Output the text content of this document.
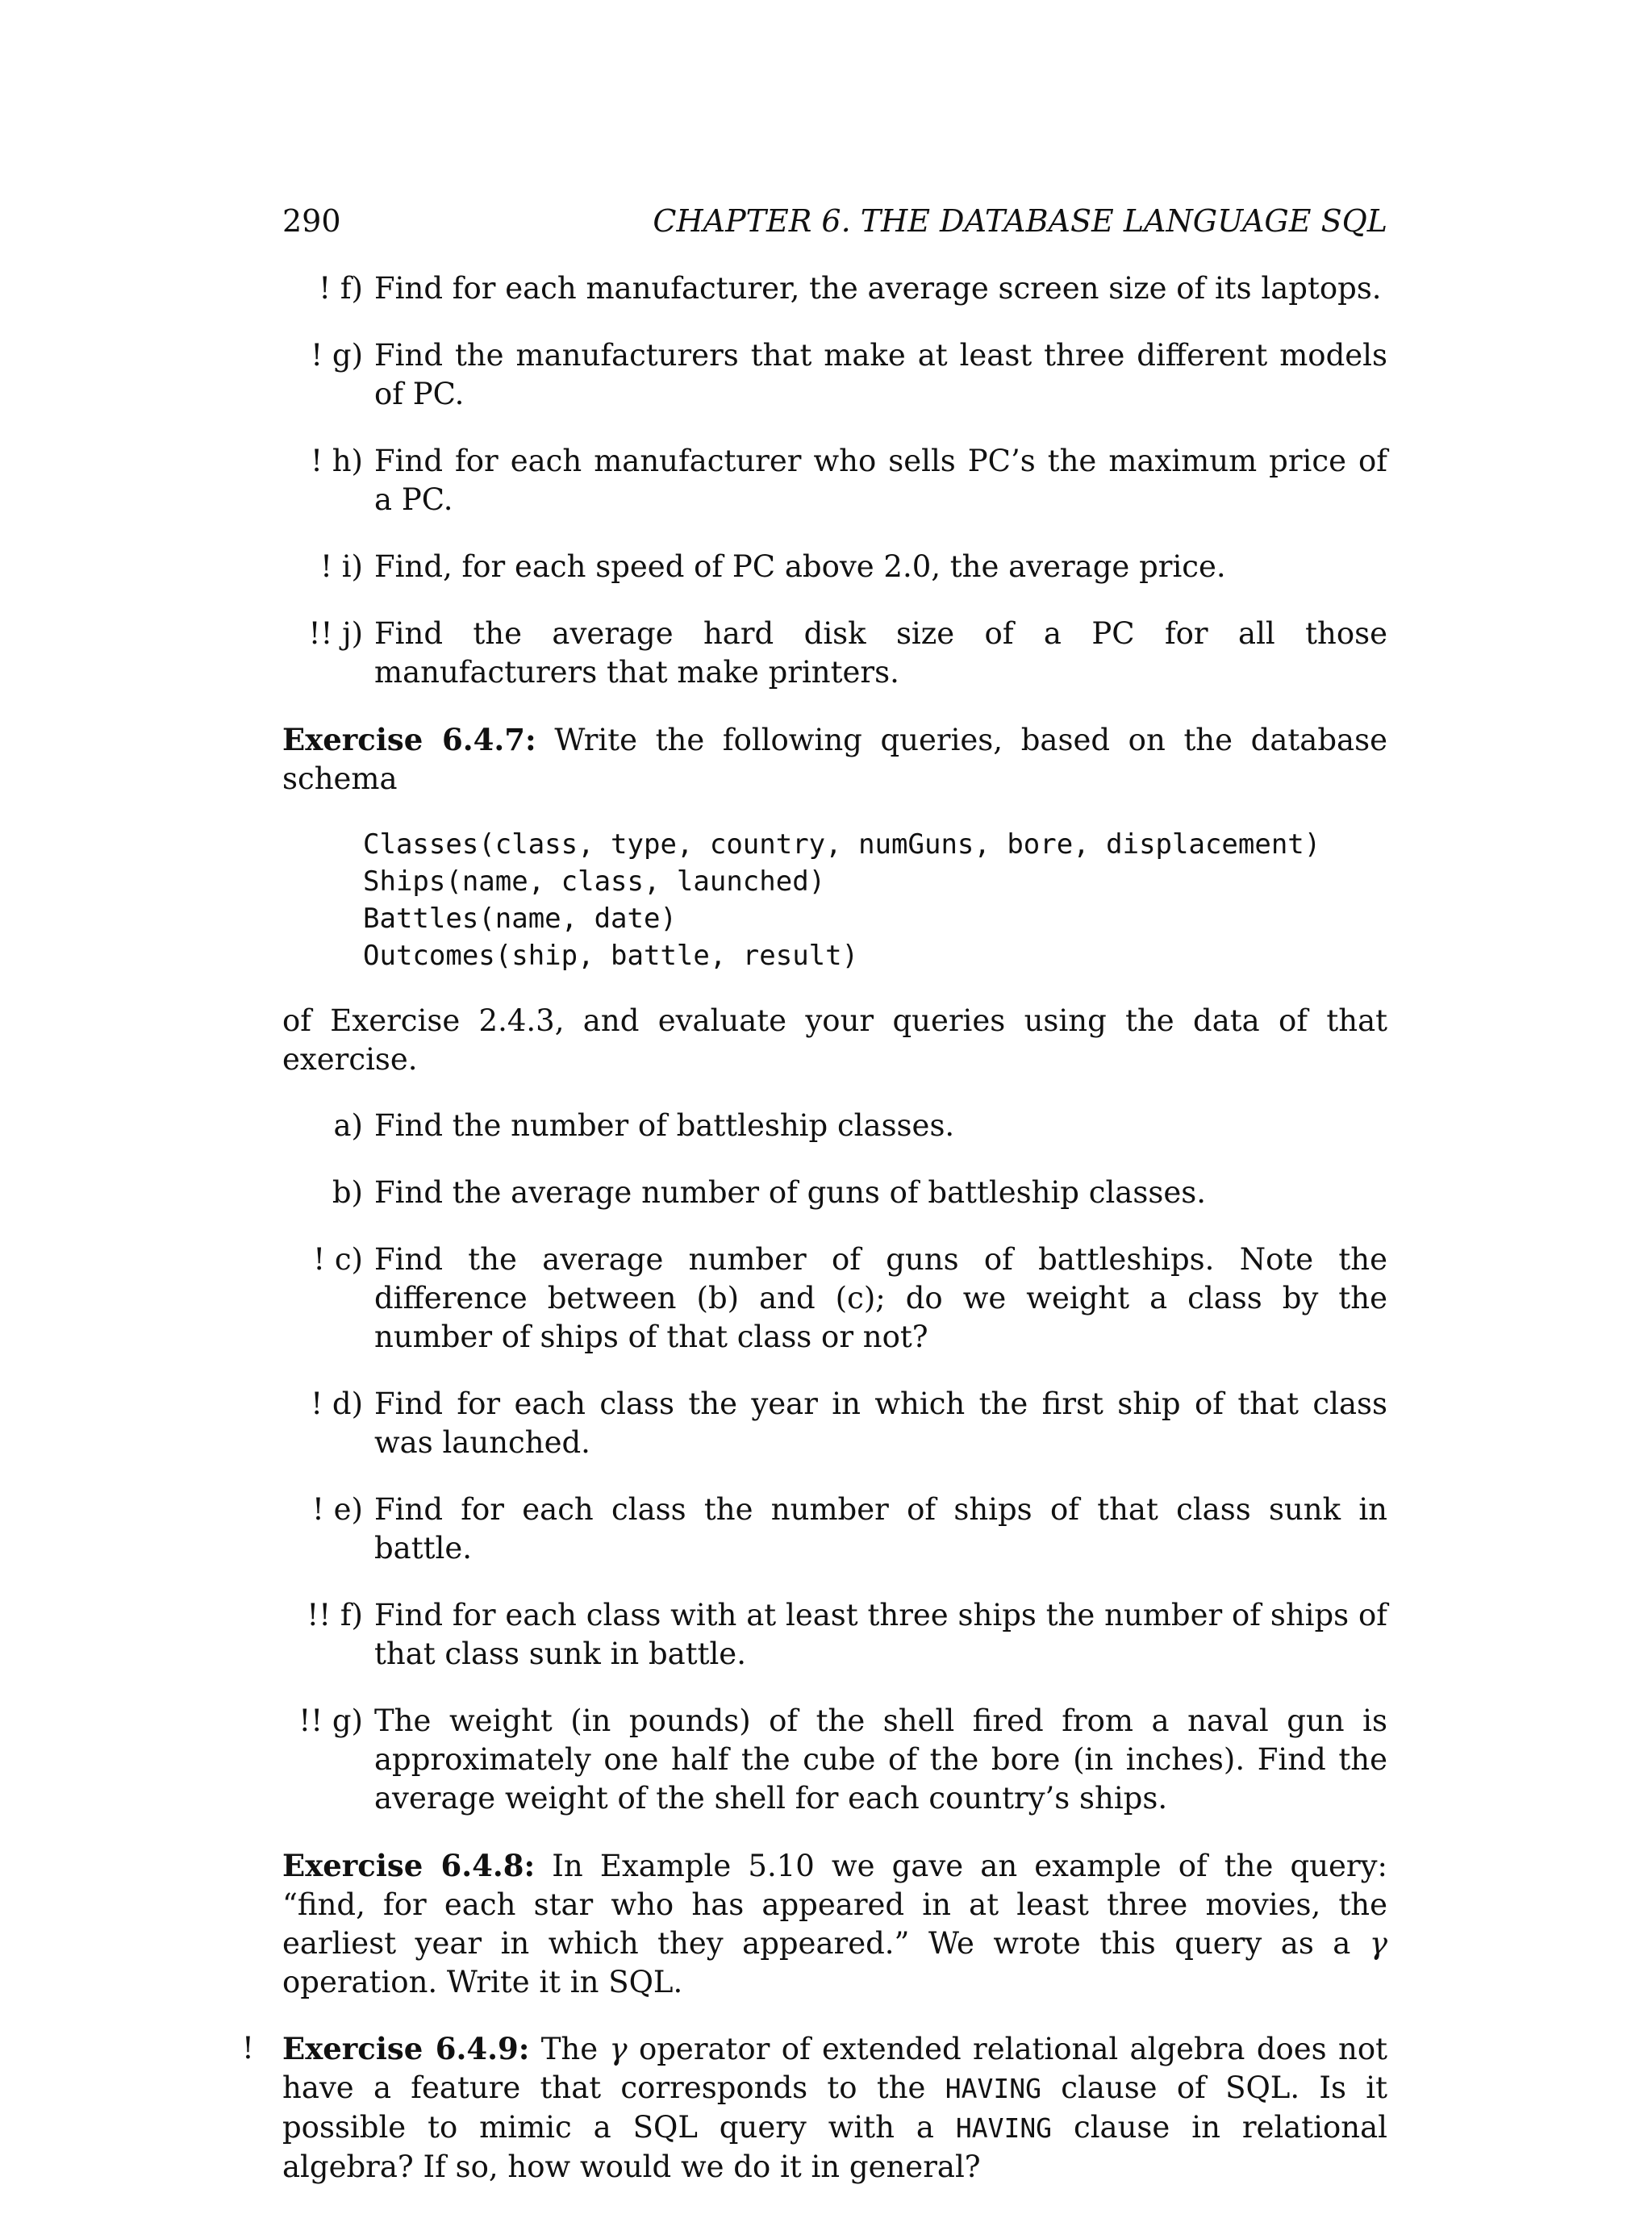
290	CHAPTER 6. THE DATABASE LANGUAGE SQL
! f) Find for each manufacturer, the average screen size of its laptops.
! g) Find the manufacturers that make at least three different models of PC.
! h) Find for each manufacturer who sells PC’s the maximum price of a PC.
! i) Find, for each speed of PC above 2.0, the average price.
!! j) Find the average hard disk size of a PC for all those manufacturers that make printers.

Exercise 6.4.7: Write the following queries, based on the database schema

Classes(class, type, country, numGuns, bore, displacement)
Ships(name, class, launched)
Battles(name, date)
Outcomes(ship, battle, result)

of Exercise 2.4.3, and evaluate your queries using the data of that exercise.

a) Find the number of battleship classes.
b) Find the average number of guns of battleship classes.
! c) Find the average number of guns of battleships. Note the difference between (b) and (c); do we weight a class by the number of ships of that class or not?
! d) Find for each class the year in which the first ship of that class was launched.
! e) Find for each class the number of ships of that class sunk in battle.
!! f) Find for each class with at least three ships the number of ships of that class sunk in battle.
!! g) The weight (in pounds) of the shell fired from a naval gun is approximately one half the cube of the bore (in inches). Find the average weight of the shell for each country’s ships.

Exercise 6.4.8: In Example 5.10 we gave an example of the query: “find, for each star who has appeared in at least three movies, the earliest year in which they appeared.” We wrote this query as a γ operation. Write it in SQL.

! Exercise 6.4.9: The γ operator of extended relational algebra does not have a feature that corresponds to the HAVING clause of SQL. Is it possible to mimic a SQL query with a HAVING clause in relational algebra? If so, how would we do it in general?
